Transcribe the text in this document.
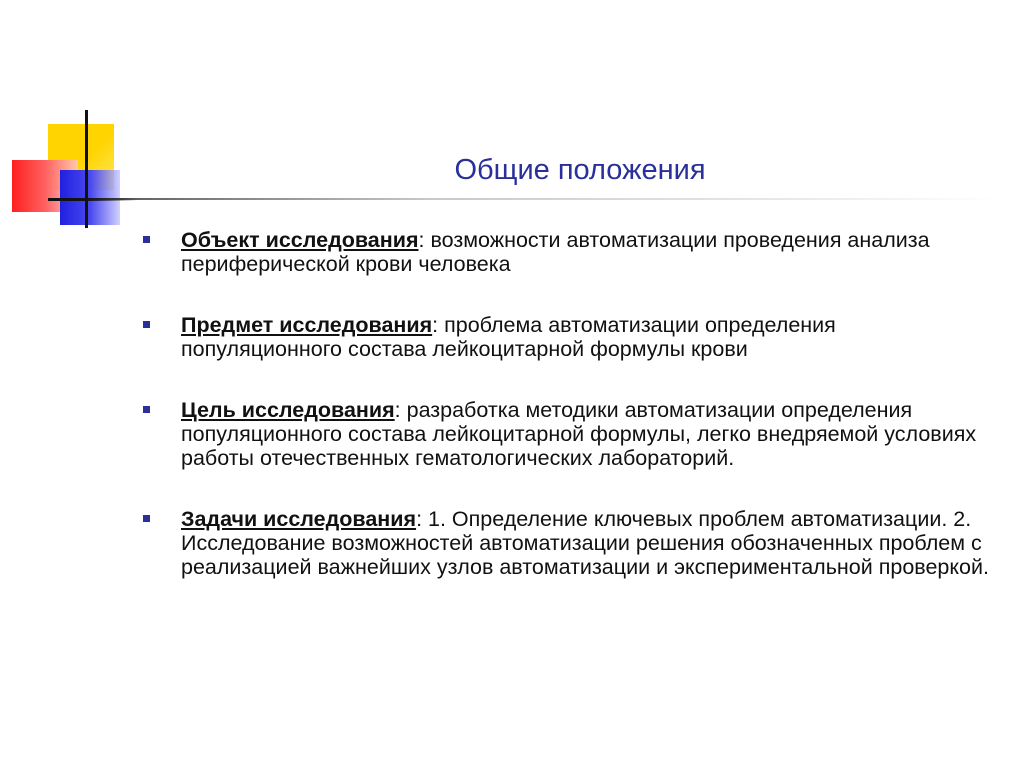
Общие положения
Объект исследования: возможности автоматизации проведения анализа периферической крови человека
Предмет исследования: проблема автоматизации определения популяционного состава лейкоцитарной формулы крови
Цель исследования: разработка методики автоматизации определения популяционного состава лейкоцитарной формулы, легко внедряемой условиях работы отечественных гематологических лабораторий.
Задачи исследования: 1. Определение ключевых проблем автоматизации. 2. Исследование возможностей автоматизации решения обозначенных проблем с реализацией важнейших узлов автоматизации и экспериментальной проверкой.
